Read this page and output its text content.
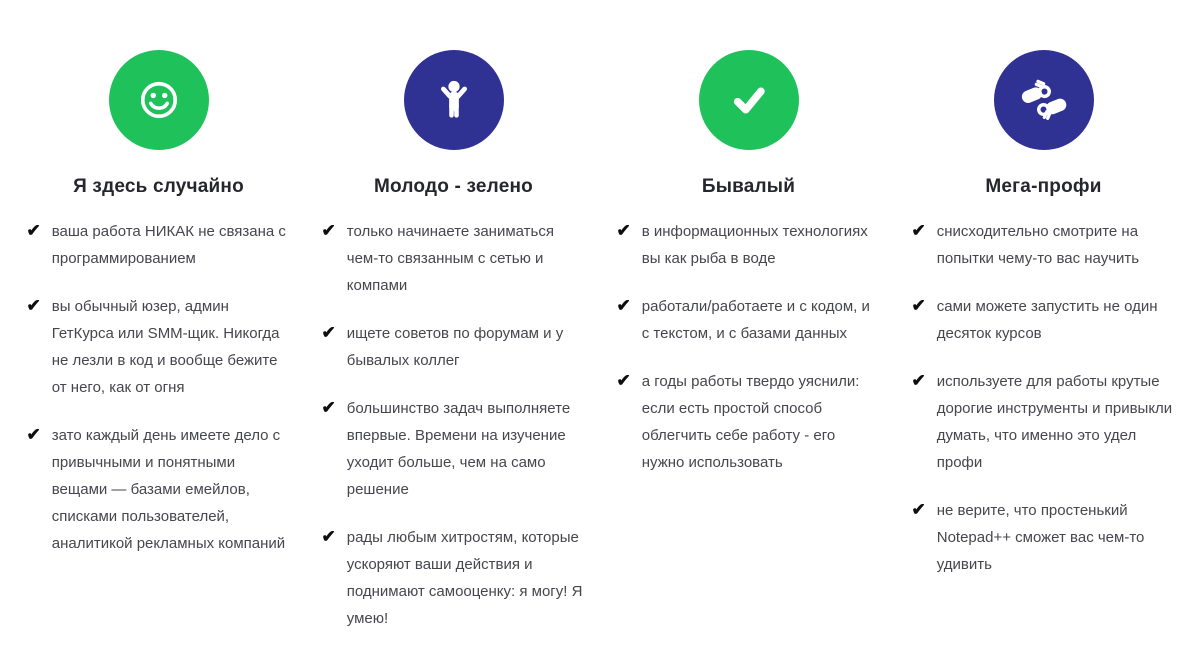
Я здесь случайно
✔ ваша работа НИКАК не связана с программированием
✔ вы обычный юзер, админ ГетКурса или SMM-щик. Никогда не лезли в код и вообще бежите от него, как от огня
✔ зато каждый день имеете дело с привычными и понятными вещами — базами емейлов, списками пользователей, аналитикой рекламных компаний
Молодо - зелено
✔ только начинаете заниматься чем-то связанным с сетью и компами
✔ ищете советов по форумам и у бывалых коллег
✔ большинство задач выполняете впервые. Времени на изучение уходит больше, чем на само решение
✔ рады любым хитростям, которые ускоряют ваши действия и поднимают самооценку: я могу! Я умею!
Бывалый
✔ в информационных технологиях вы как рыба в воде
✔ работали/работаете и с кодом, и с текстом, и с базами данных
✔ а годы работы твердо уяснили: если есть простой способ облегчить себе работу - его нужно использовать
Мега-профи
✔ снисходительно смотрите на попытки чему-то вас научить
✔ сами можете запустить не один десяток курсов
✔ используете для работы крутые дорогие инструменты и привыкли думать, что именно это удел профи
✔ не верите, что простенький Notepad++ сможет вас чем-то удивить
